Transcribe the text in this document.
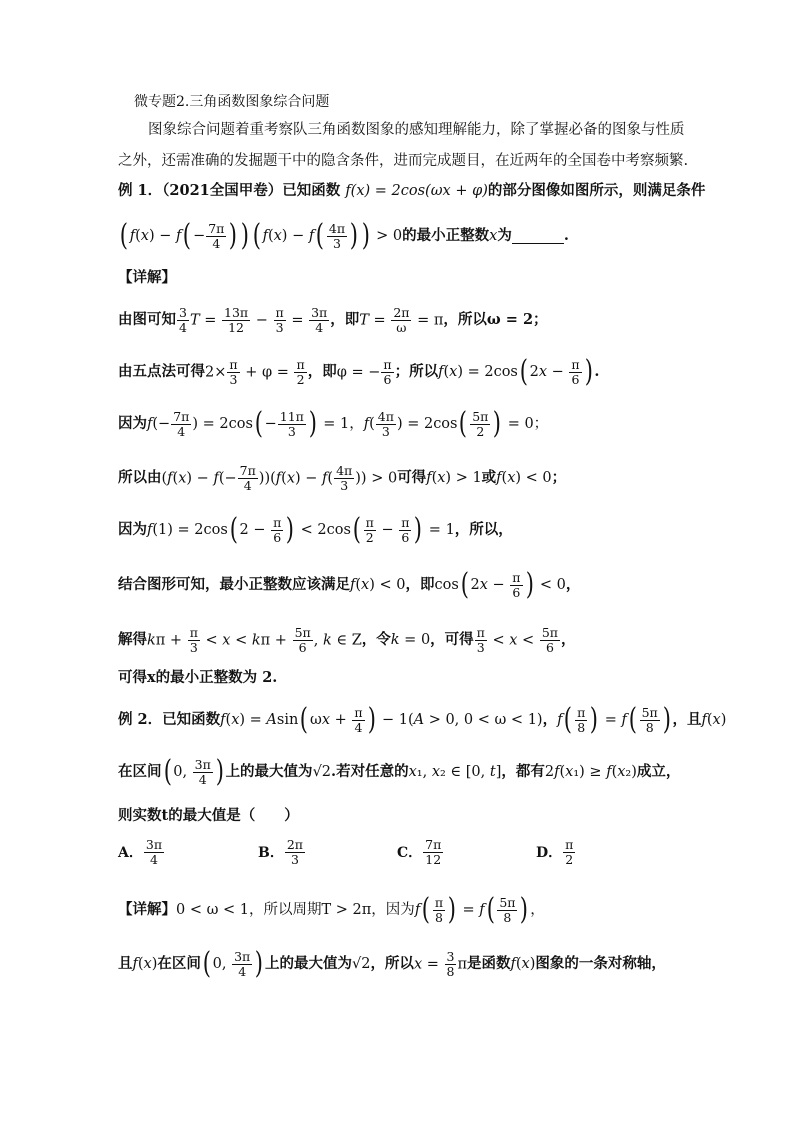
微专题2.三角函数图象综合问题
图象综合问题着重考察队三角函数图象的感知理解能力，除了掌握必备的图象与性质
之外，还需准确的发掘题干中的隐含条件，进而完成题目，在近两年的全国卷中考察频繁.
例 1．（2021全国甲卷）已知函数 f(x) = 2cos(ωx + φ)的部分图像如图所示，则满足条件
( $f(x) - f( - \frac{7\pi}{4}$ ) ) ( $f(x) - f( \frac{4\pi}{3}$ ) ) > 0 的最小正整数 x 为	.
【详解】
由图可知 $\frac{3}{4}$ $T = \frac{13\pi}{12} - \frac{\pi}{3} = \frac{3\pi}{4}$ ，即 $T = \frac{2\pi}{\omega} = \pi$ ，所以ω = 2；
由五点法可得 $2\times \frac{\pi}{3} + \varphi = \frac{\pi}{2}$ ，即 φ = − $\frac{\pi}{6}$ ；所以 f(x) = 2cos( $2x - \frac{\pi}{6}$ ) .
因为 $f(- \frac{7\pi}{4}$ ) = $2\cos( - \frac{11\pi}{3}$ ) = 1，$f( \frac{4\pi}{3}$ ) = $2\cos( \frac{5\pi}{2}$ ) = 0；
所以由 $(f(x) - f(- \frac{7\pi}{4} ))(f(x) - f( \frac{4\pi}{3}$ )) > 0 可得 f(x) > 1 或 f(x) < 0 ；
因为 f(1) = 2cos( $2 - \frac{\pi}{6}$ ) < $2\cos( \frac{\pi}{2} - \frac{\pi}{6}$ ) = 1 ，所以，
结合图形可知，最小正整数应该满足 f(x) < 0 ，即 cos( $2x - \frac{\pi}{6}$ ) < 0 ，
解得 $k\pi + \frac{\pi}{3} < x < k\pi + \frac{5\pi}{6}$ , k ∈ Z ，令 k = 0 ，可得 $\frac{\pi}{3} < x < \frac{5\pi}{6}$ ，
可得x的最小正整数为 2.
例 2． 已知函数 f(x) = Asin( $\omega x + \frac{\pi}{4}$ ) − 1(A > 0, 0 < ω < 1) ， $f( \frac{\pi}{8}$ ) = $f( \frac{5\pi}{8}$ ) ，且 f(x)
在区间 ( 0, $\frac{3\pi}{4}$ ) 上的最大值为 √2 .若对任意的 x₁, x₂ ∈ [0, t] ，都有 2f(x₁) ≥ f(x₂) 成立，
则实数t的最大值是（　　）
A． 3π
4	B． 2π
3	C． 7π
12	D． π
2
【详解】 0 < ω < 1，所以周期T > 2π，因为 $f( \frac{\pi}{8}$ ) = $f( \frac{5\pi}{8}$ ) ，
且 f(x) 在区间 ( 0, $\frac{3\pi}{4}$ ) 上的最大值为 √2 ，所以 $x = \frac{3}{8}$ π 是函数 f(x) 图象的一条对称轴，
